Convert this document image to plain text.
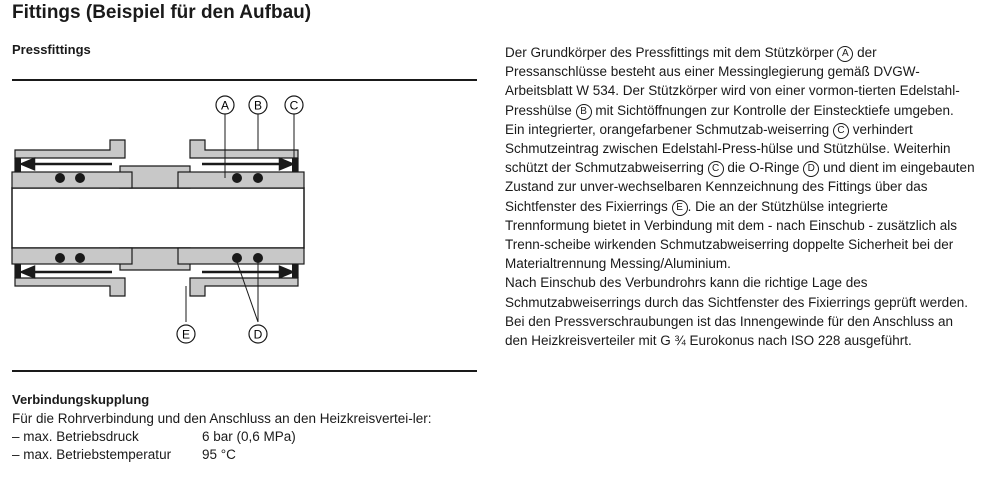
Fittings (Beispiel für den Aufbau)
Pressfittings
A B C
E	D
Verbindungskupplung
Für die Rohrverbindung und den Anschluss an den Heizkreisvertei-ler:
– max. Betriebsdruck	6 bar (0,6 MPa)
– max. Betriebstemperatur	95 °C

Der Grundkörper des Pressfittings mit dem Stützkörper A der Pressanschlüsse besteht aus einer Messinglegierung gemäß DVGW-Arbeitsblatt W 534. Der Stützkörper wird von einer vormon-tierten Edelstahl-Presshülse B mit Sichtöffnungen zur Kontrolle der Einstecktiefe umgeben. Ein integrierter, orangefarbener Schmutzab-weiserring C verhindert Schmutzeintrag zwischen Edelstahl-Press-hülse und Stützhülse. Weiterhin schützt der Schmutzabweiserring C die O-Ringe D und dient im eingebauten Zustand zur unver-wechselbaren Kennzeichnung des Fittings über das Sichtfenster des Fixierrings E . Die an der Stützhülse integrierte Trennformung bietet in Verbindung mit dem - nach Einschub - zusätzlich als Trenn-scheibe wirkenden Schmutzabweiserring doppelte Sicherheit bei der Materialtrennung Messing/Aluminium.

Nach Einschub des Verbundrohrs kann die richtige Lage des Schmutzabweiserrings durch das Sichtfenster des Fixierrings geprüft werden.

Bei den Pressverschraubungen ist das Innengewinde für den Anschluss an den Heizkreisverteiler mit G ¾ Eurokonus nach ISO 228 ausgeführt.
